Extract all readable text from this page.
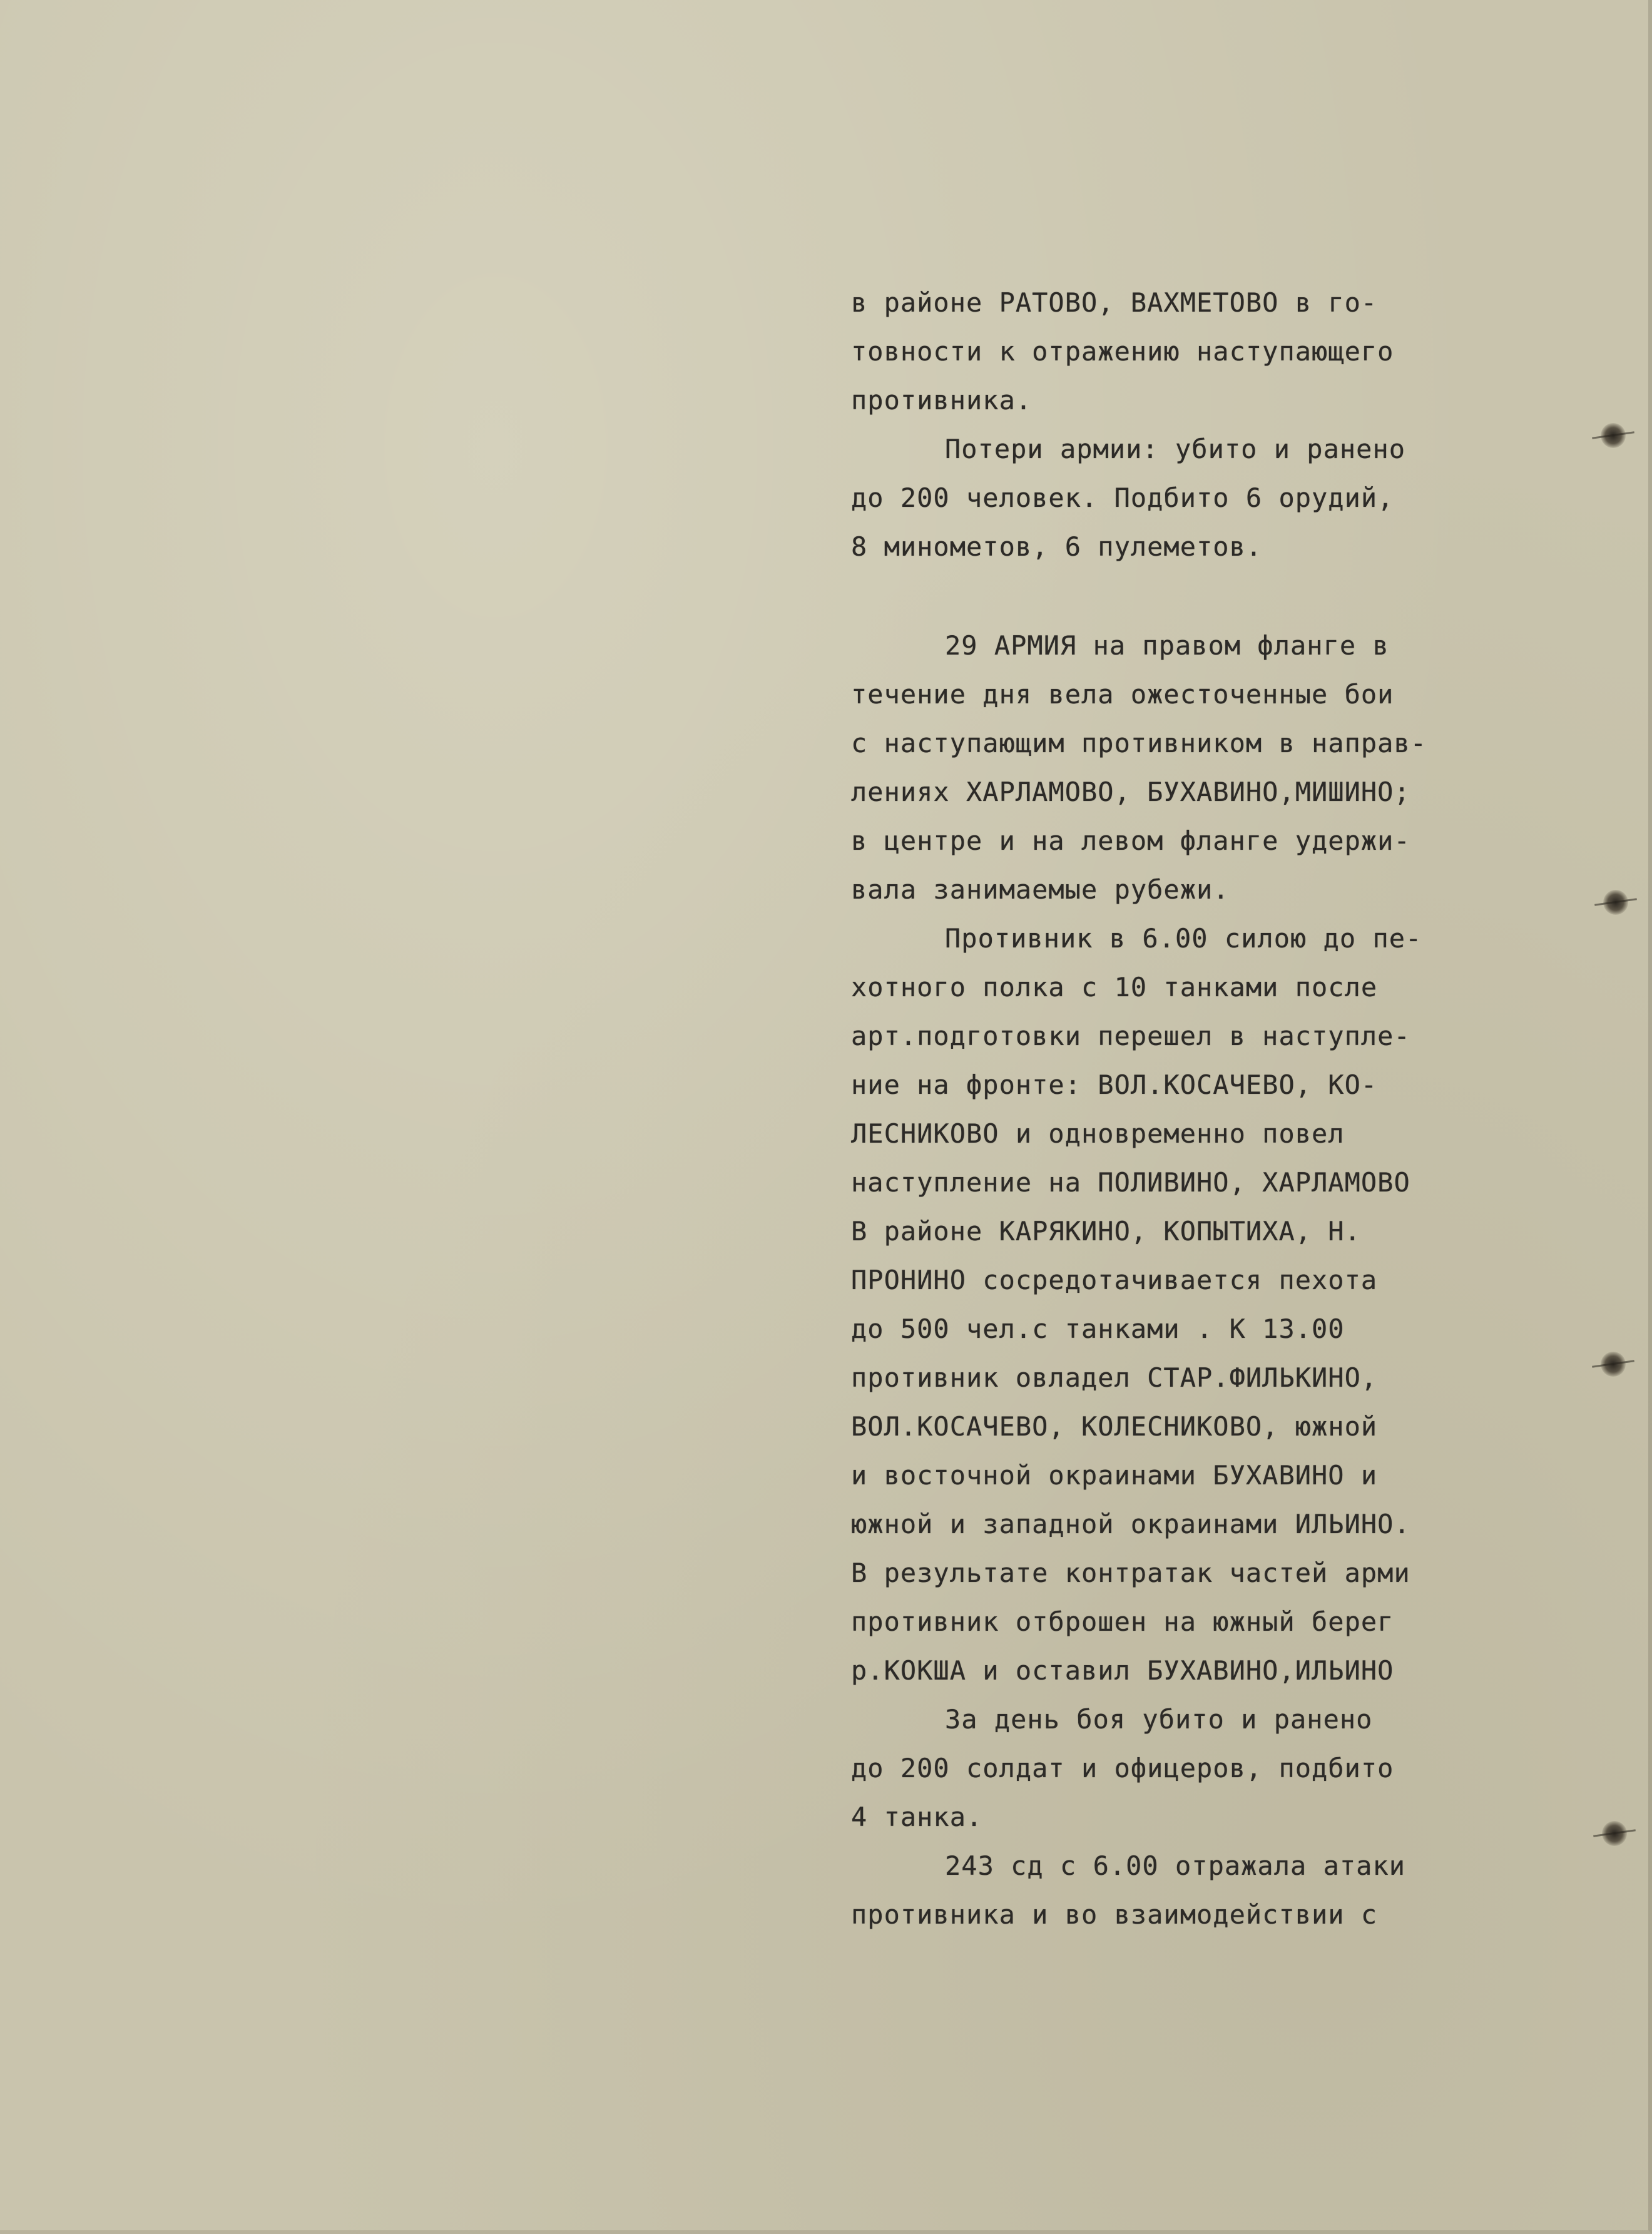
в районе РАТОВО, ВАХМЕТОВО в го-
товности к отражению наступающего
противника.
Потери армии: убито и ранено
до 200 человек. Подбито 6 орудий,
8 минометов, 6 пулеметов.
29 АРМИЯ на правом фланге в
течение дня вела ожесточенные бои
с наступающим противником в направ-
лениях ХАРЛАМОВО, БУХАВИНО,МИШИНО;
в центре и на левом фланге удержи-
вала занимаемые рубежи.
Противник в 6.00 силою до пе-
хотного полка с 10 танками после
арт.подготовки перешел в наступле-
ние на фронте: ВОЛ.КОСАЧЕВО, КО-
ЛЕСНИКОВО и одновременно повел
наступление на ПОЛИВИНО, ХАРЛАМОВО
В районе КАРЯКИНО, КОПЫТИХА, Н.
ПРОНИНО сосредотачивается пехота
до 500 чел.с танками . К 13.00
противник овладел СТАР.ФИЛЬКИНО,
ВОЛ.КОСАЧЕВО, КОЛЕСНИКОВО, южной
и восточной окраинами БУХАВИНО и
южной и западной окраинами ИЛЬИНО.
В результате контратак частей арми
противник отброшен на южный берег
р.КОКША и оставил БУХАВИНО,ИЛЬИНО
За день боя убито и ранено
до 200 солдат и офицеров, подбито
4 танка.
243 сд с 6.00 отражала атаки
противника и во взаимодействии с
